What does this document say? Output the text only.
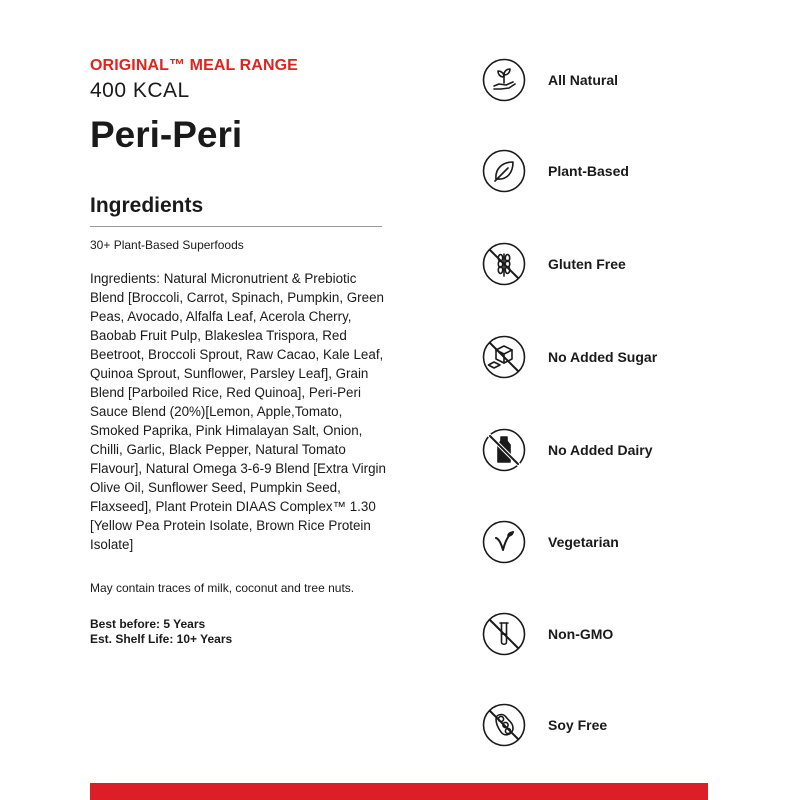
ORIGINAL™ MEAL RANGE
400 KCAL
Peri-Peri
Ingredients
30+ Plant-Based Superfoods
Ingredients: Natural Micronutrient & Prebiotic Blend [Broccoli, Carrot, Spinach, Pumpkin, Green Peas, Avocado, Alfalfa Leaf, Acerola Cherry, Baobab Fruit Pulp, Blakeslea Trispora, Red Beetroot, Broccoli Sprout, Raw Cacao, Kale Leaf, Quinoa Sprout, Sunflower, Parsley Leaf], Grain Blend [Parboiled Rice, Red Quinoa], Peri-Peri Sauce Blend (20%)[Lemon, Apple,Tomato, Smoked Paprika, Pink Himalayan Salt, Onion, Chilli, Garlic, Black Pepper, Natural Tomato Flavour], Natural Omega 3-6-9 Blend [Extra Virgin Olive Oil, Sunflower Seed, Pumpkin Seed, Flaxseed], Plant Protein DIAAS Complex™ 1.30 [Yellow Pea Protein Isolate, Brown Rice Protein Isolate]
May contain traces of milk, coconut and tree nuts.
Best before: 5 Years
Est. Shelf Life: 10+ Years
All Natural
Plant-Based
Gluten Free
No Added Sugar
No Added Dairy
Vegetarian
Non-GMO
Soy Free
